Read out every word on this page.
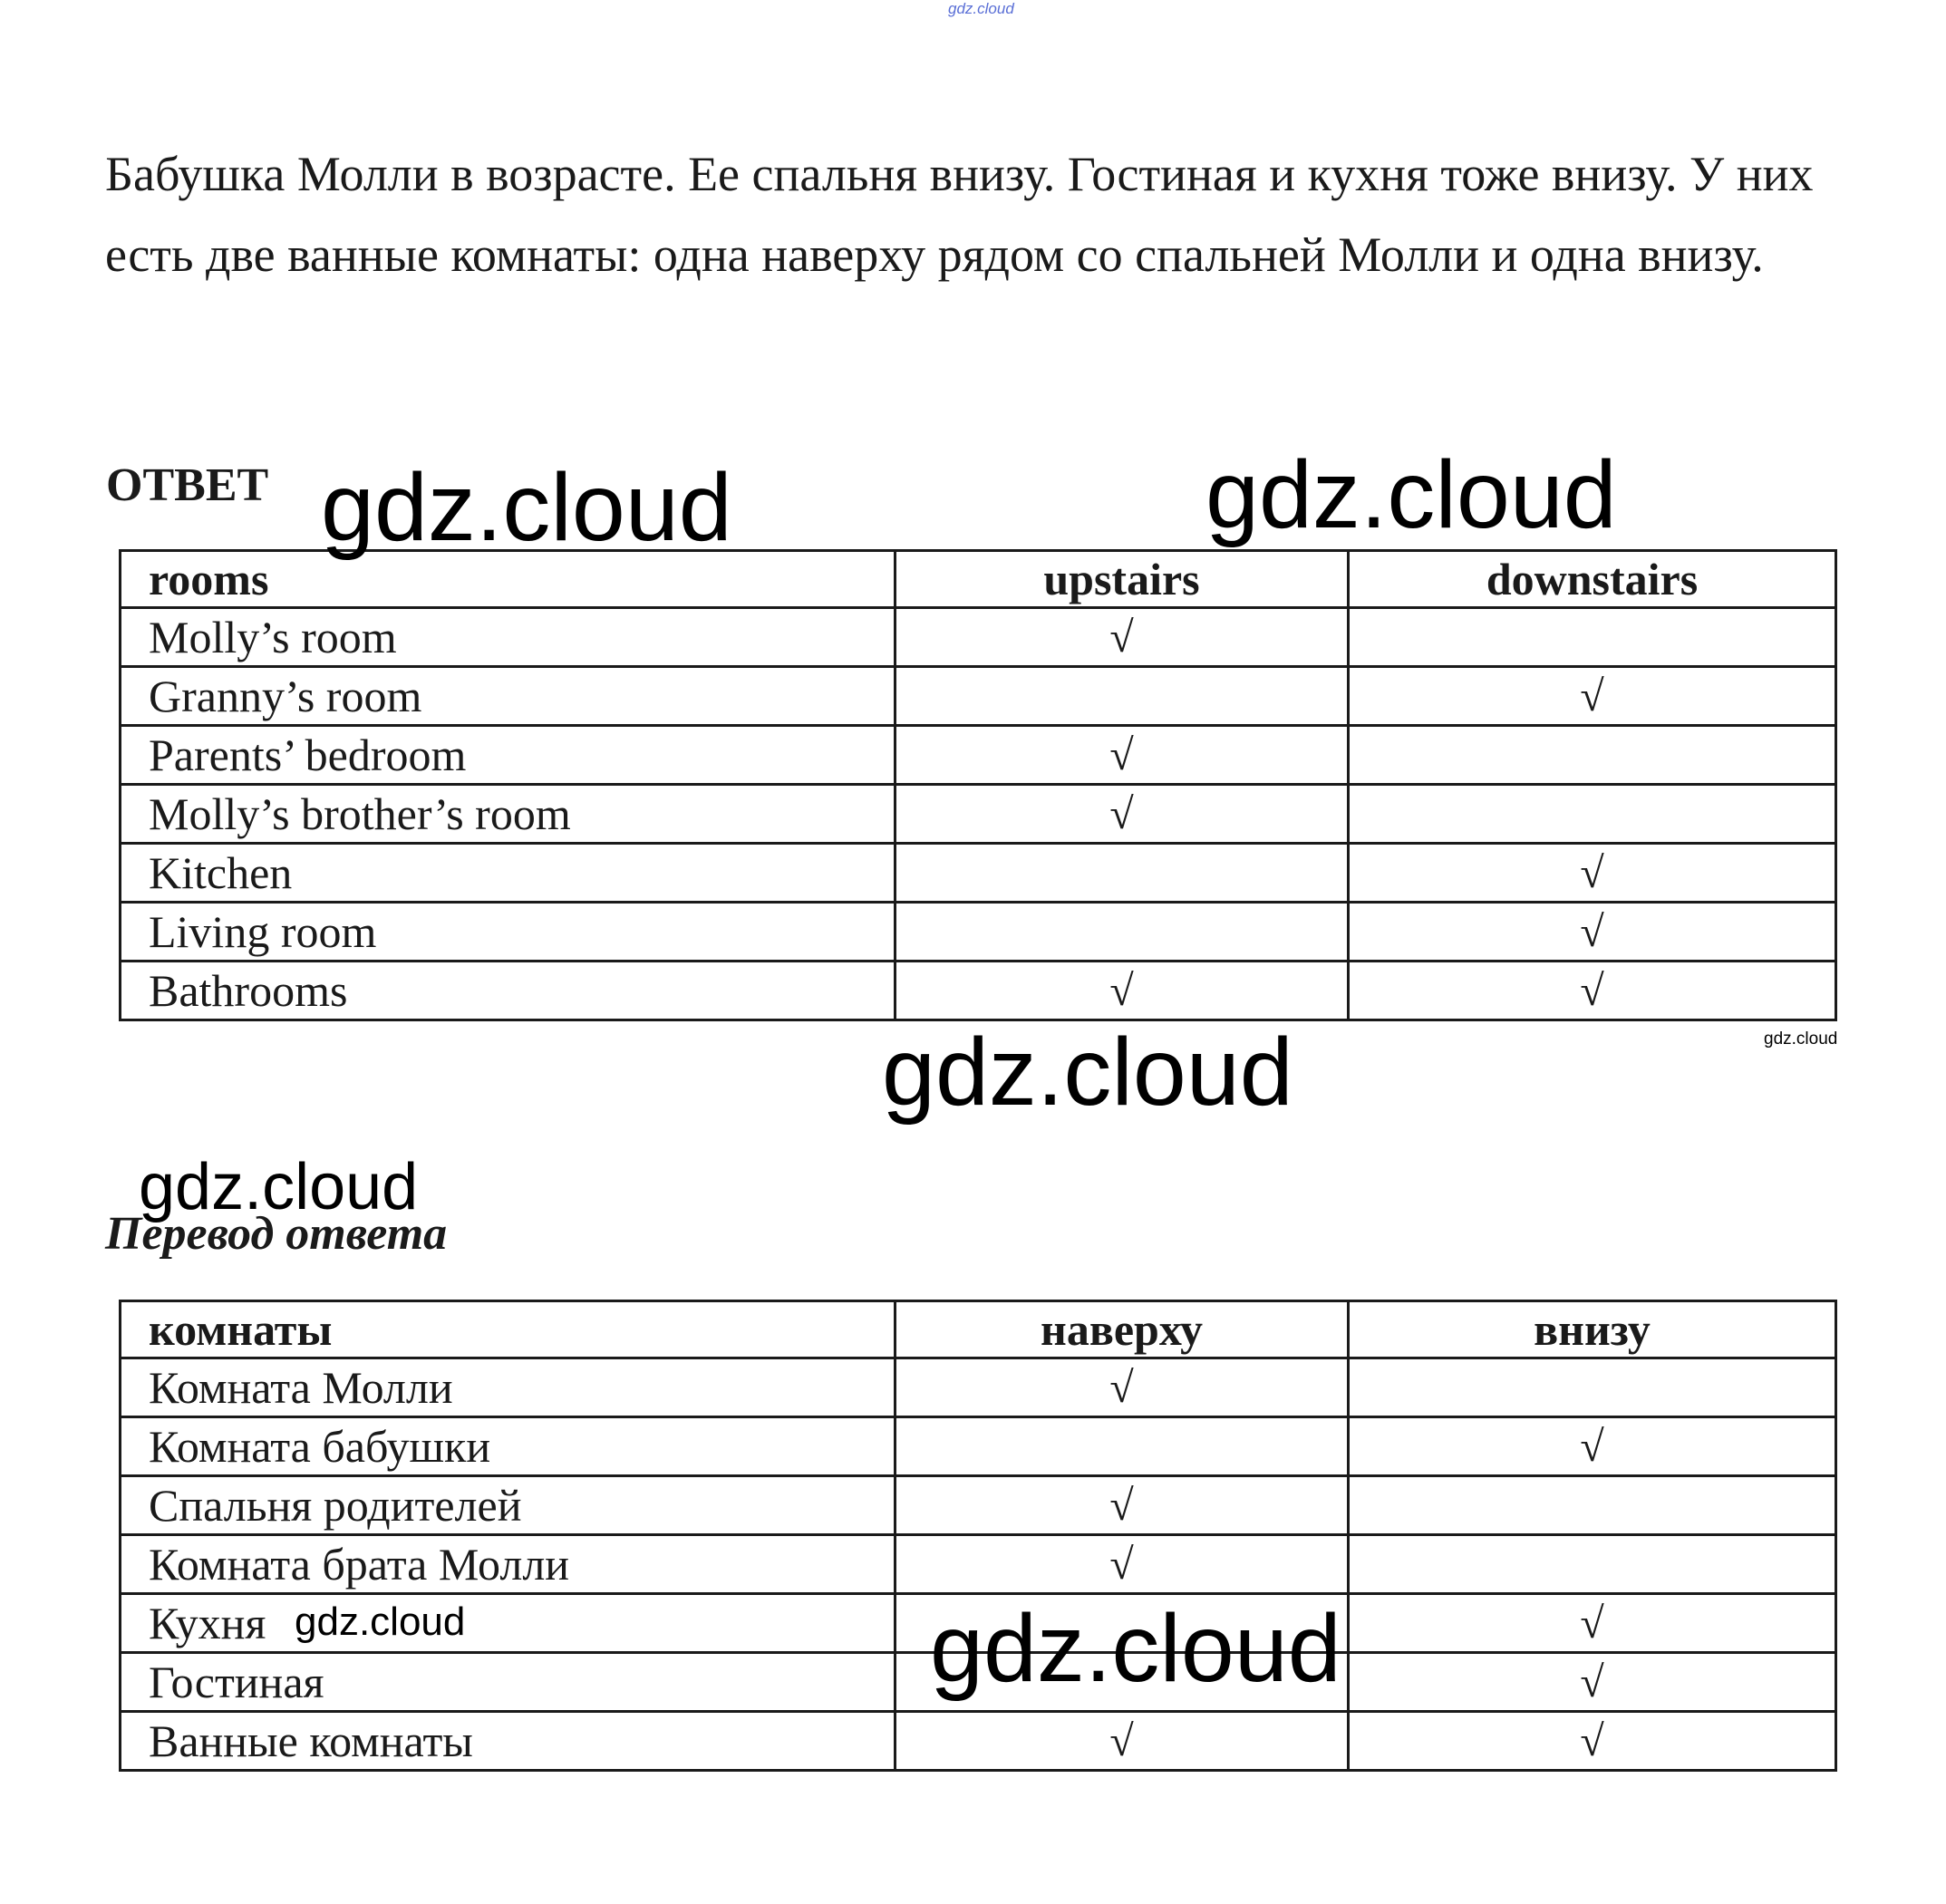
gdz.cloud

Бабушка Молли в возрасте. Ее спальня внизу. Гостиная и кухня тоже внизу. У них есть две ванные комнаты: одна наверху рядом со спальней Молли и одна внизу.

ОТВЕТ
rooms	upstairs	downstairs
Molly’s room	√	
Granny’s room		√
Parents’ bedroom	√	
Molly’s brother’s room	√	
Kitchen		√
Living room		√
Bathrooms	√	√
Перевод ответа
комнаты	наверху	внизу
Комната Молли	√	
Комната бабушки		√
Спальня родителей	√	
Комната брата Молли	√	
Кухня		√
Гостиная		√
Ванные комнаты	√	√
gdz.cloud	gdz.cloud
gdz.cloud
gdz.cloud
gdz.cloud
gdz.cloud
gdz.cloud
